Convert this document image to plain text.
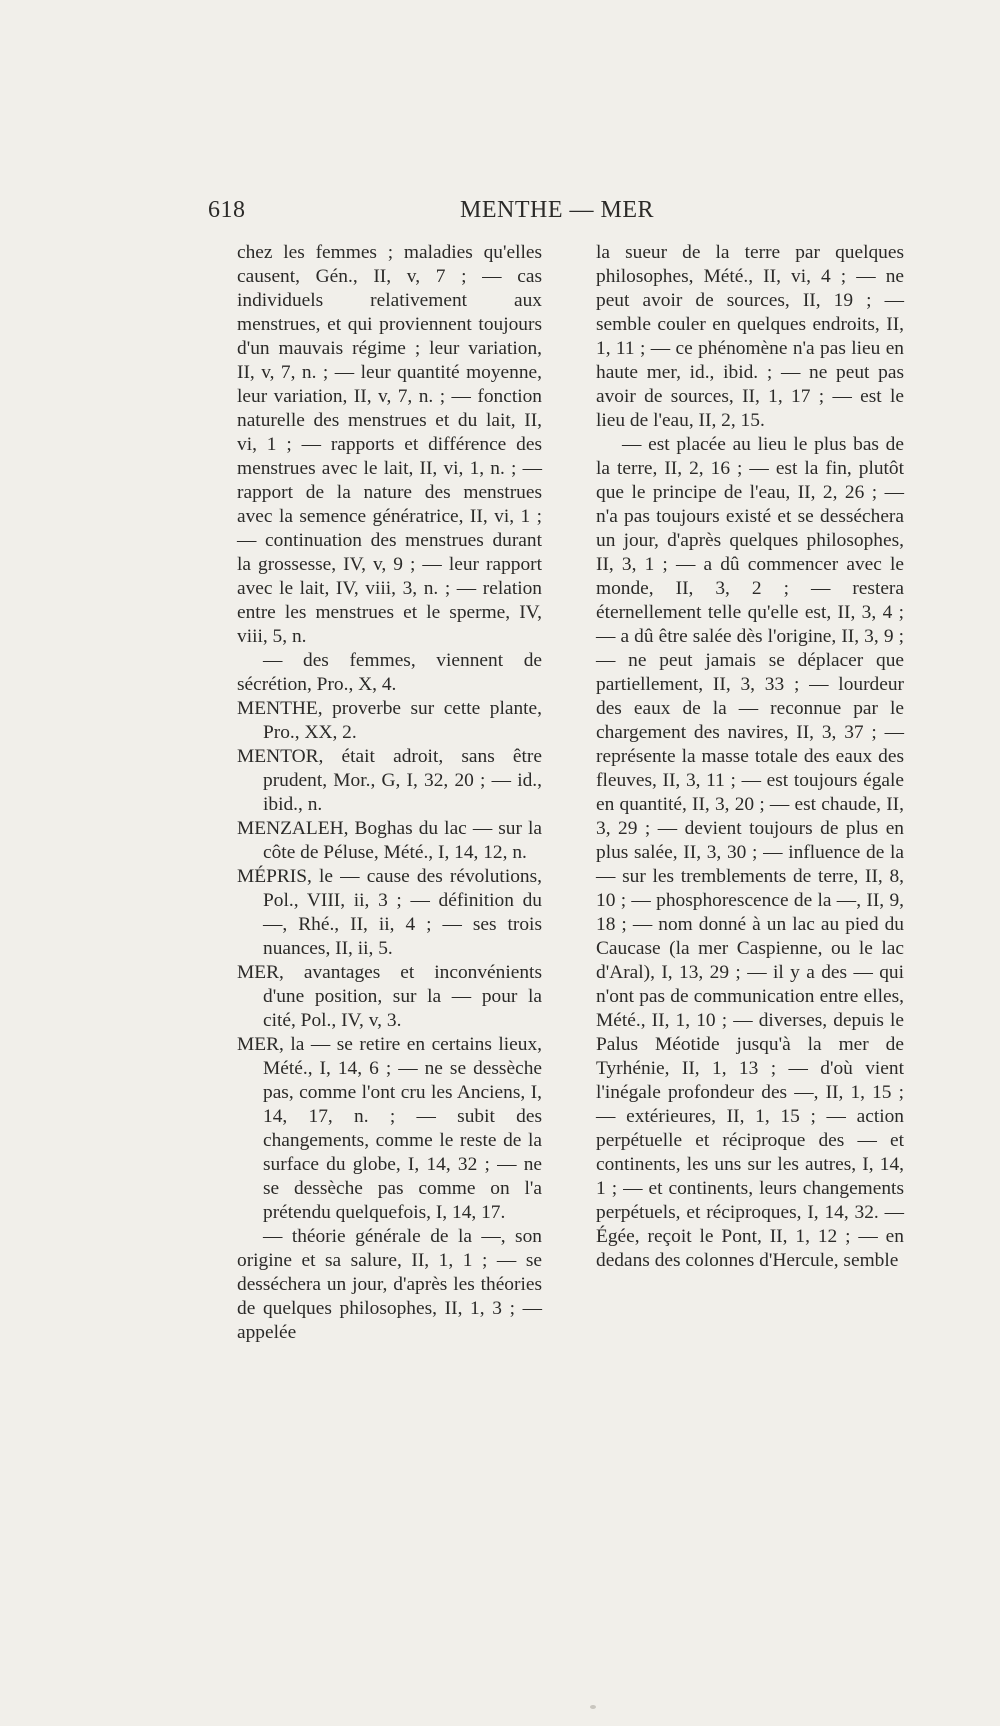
618	MENTHE — MER

chez les femmes ; maladies qu'elles causent, Gén., II, v, 7 ; — cas individuels relativement aux menstrues, et qui proviennent toujours d'un mauvais régime ; leur variation, II, v, 7, n. ; — leur quantité moyenne, leur variation, II, v, 7, n. ; — fonction naturelle des menstrues et du lait, II, vi, 1 ; — rapports et différence des menstrues avec le lait, II, vi, 1, n. ; — rapport de la nature des menstrues avec la semence génératrice, II, vi, 1 ; — continuation des menstrues durant la grossesse, IV, v, 9 ; — leur rapport avec le lait, IV, viii, 3, n. ; — relation entre les menstrues et le sperme, IV, viii, 5, n.

— des femmes, viennent de sécrétion, Pro., X, 4.

MENTHE, proverbe sur cette plante, Pro., XX, 2.

MENTOR, était adroit, sans être prudent, Mor., G, I, 32, 20 ; — id., ibid., n.

MENZALEH, Boghas du lac — sur la côte de Péluse, Mété., I, 14, 12, n.

MÉPRIS, le — cause des révolutions, Pol., VIII, ii, 3 ; — définition du —, Rhé., II, ii, 4 ; — ses trois nuances, II, ii, 5.

MER, avantages et inconvénients d'une position, sur la — pour la cité, Pol., IV, v, 3.

MER, la — se retire en certains lieux, Mété., I, 14, 6 ; — ne se dessèche pas, comme l'ont cru les Anciens, I, 14, 17, n. ; — subit des changements, comme le reste de la surface du globe, I, 14, 32 ; — ne se dessèche pas comme on l'a prétendu quelquefois, I, 14, 17.

— théorie générale de la —, son origine et sa salure, II, 1, 1 ; — se desséchera un jour, d'après les théories de quelques philosophes, II, 1, 3 ; — appelée

la sueur de la terre par quelques philosophes, Mété., II, vi, 4 ; — ne peut avoir de sources, II, 19 ; — semble couler en quelques endroits, II, 1, 11 ; — ce phénomène n'a pas lieu en haute mer, id., ibid. ; — ne peut pas avoir de sources, II, 1, 17 ; — est le lieu de l'eau, II, 2, 15.

— est placée au lieu le plus bas de la terre, II, 2, 16 ; — est la fin, plutôt que le principe de l'eau, II, 2, 26 ; — n'a pas toujours existé et se desséchera un jour, d'après quelques philosophes, II, 3, 1 ; — a dû commencer avec le monde, II, 3, 2 ; — restera éternellement telle qu'elle est, II, 3, 4 ; — a dû être salée dès l'origine, II, 3, 9 ; — ne peut jamais se déplacer que partiellement, II, 3, 33 ; — lourdeur des eaux de la — reconnue par le chargement des navires, II, 3, 37 ; — représente la masse totale des eaux des fleuves, II, 3, 11 ; — est toujours égale en quantité, II, 3, 20 ; — est chaude, II, 3, 29 ; — devient toujours de plus en plus salée, II, 3, 30 ; — influence de la — sur les tremblements de terre, II, 8, 10 ; — phosphorescence de la —, II, 9, 18 ; — nom donné à un lac au pied du Caucase (la mer Caspienne, ou le lac d'Aral), I, 13, 29 ; — il y a des — qui n'ont pas de communication entre elles, Mété., II, 1, 10 ; — diverses, depuis le Palus Méotide jusqu'à la mer de Tyrhénie, II, 1, 13 ; — d'où vient l'inégale profondeur des —, II, 1, 15 ; — extérieures, II, 1, 15 ; — action perpétuelle et réciproque des — et continents, les uns sur les autres, I, 14, 1 ; — et continents, leurs changements perpétuels, et réciproques, I, 14, 32. — Égée, reçoit le Pont, II, 1, 12 ; — en dedans des colonnes d'Hercule, semble
